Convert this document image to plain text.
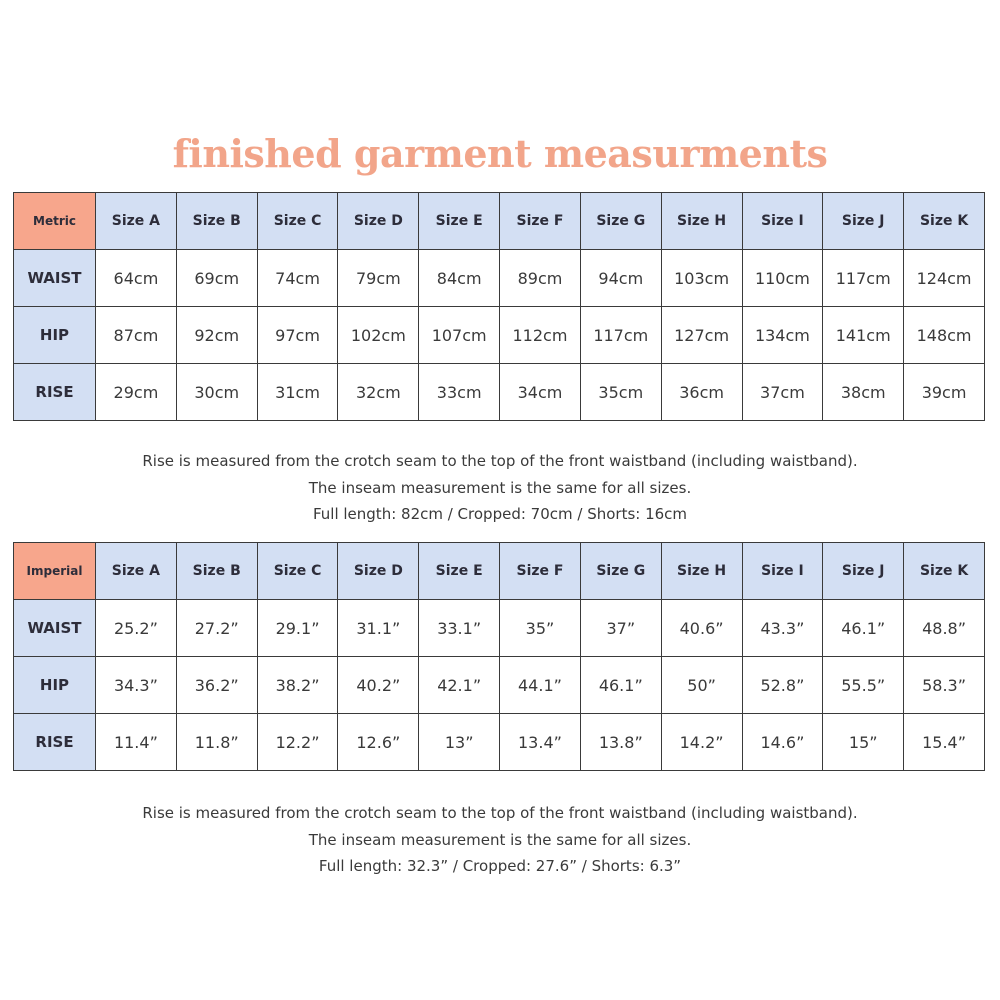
finished garment measurments
Metric	Size A	Size B	Size C	Size D	Size E	Size F	Size G	Size H	Size I	Size J	Size K
WAIST	64cm	69cm	74cm	79cm	84cm	89cm	94cm	103cm	110cm	117cm	124cm
HIP	87cm	92cm	97cm	102cm	107cm	112cm	117cm	127cm	134cm	141cm	148cm
RISE	29cm	30cm	31cm	32cm	33cm	34cm	35cm	36cm	37cm	38cm	39cm
Rise is measured from the crotch seam to the top of the front waistband (including waistband).
The inseam measurement is the same for all sizes.
Full length: 82cm / Cropped: 70cm / Shorts: 16cm
Imperial	Size A	Size B	Size C	Size D	Size E	Size F	Size G	Size H	Size I	Size J	Size K
WAIST	25.2”	27.2”	29.1”	31.1”	33.1”	35”	37”	40.6”	43.3”	46.1”	48.8”
HIP	34.3”	36.2”	38.2”	40.2”	42.1”	44.1”	46.1”	50”	52.8”	55.5”	58.3”
RISE	11.4”	11.8”	12.2”	12.6”	13”	13.4”	13.8”	14.2”	14.6”	15”	15.4”
Rise is measured from the crotch seam to the top of the front waistband (including waistband).
The inseam measurement is the same for all sizes.
Full length: 32.3” / Cropped: 27.6” / Shorts: 6.3”
